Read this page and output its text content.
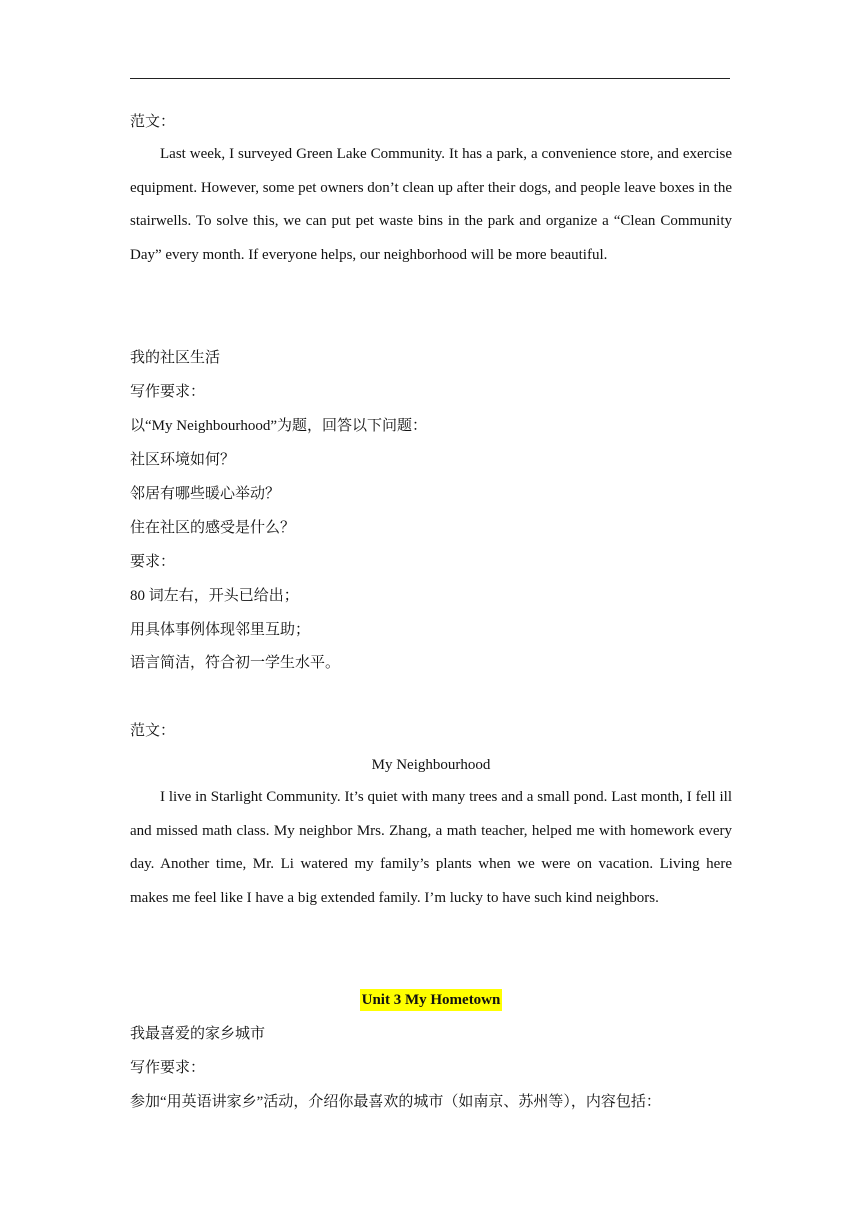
范文：
Last week, I surveyed Green Lake Community. It has a park, a convenience store, and exercise equipment. However, some pet owners don’t clean up after their dogs, and people leave boxes in the stairwells. To solve this, we can put pet waste bins in the park and organize a “Clean Community Day” every month. If everyone helps, our neighborhood will be more beautiful.
我的社区生活
写作要求：
以“My Neighbourhood”为题，回答以下问题：
社区环境如何？
邻居有哪些暖心举动？
住在社区的感受是什么？
要求：
80 词左右，开头已给出；
用具体事例体现邻里互助；
语言简洁，符合初一学生水平。
范文：
My Neighbourhood
I live in Starlight Community. It’s quiet with many trees and a small pond. Last month, I fell ill and missed math class. My neighbor Mrs. Zhang, a math teacher, helped me with homework every day. Another time, Mr. Li watered my family’s plants when we were on vacation. Living here makes me feel like I have a big extended family. I’m lucky to have such kind neighbors.
Unit 3 My Hometown
我最喜爱的家乡城市
写作要求：
参加“用英语讲家乡”活动，介绍你最喜欢的城市（如南京、苏州等），内容包括：
